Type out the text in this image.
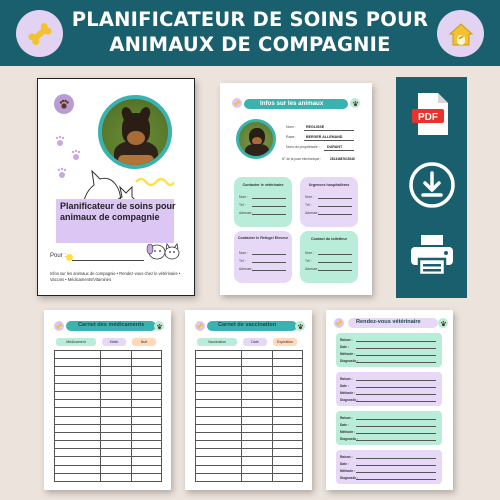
PLANIFICATEUR DE SOINS POUR
ANIMAUX DE COMPAGNIE
Planificateur de soins pour animaux de compagnie
Pour :
Infos sur les animaux de compagnie • Rendez-vous chez le vétérinaire • Vaccins • Médicaments/Vitamines
Infos sur les animaux
Nom :	REGLISSE
Race :	BERGER ALLEMAND
Nom du propriétaire : DURANT
N° de la puce électronique :	28134687615246
Contacter le vétérinaire
Nom :
Tél :
Adresse :
Urgences hospitalières
Nom :
Tél :
Adresse :
Contacter le Refuge/ Eleveur
Nom :
Tél :
Adresse :
Contact du toiletteur
Nom :
Tél :
Adresse :
PDF
Carnet des médicaments
Médicament	Matin	Nuit

Carnet de vaccination
Vaccination	Date	Expiration

Rendez-vous vétérinaire
Raison :
Date :
Méthode :
Diagnostic :
Raison :
Date :
Méthode :
Diagnostic :
Raison :
Date :
Méthode :
Diagnostic :
Raison :
Date :
Méthode :
Diagnostic :
